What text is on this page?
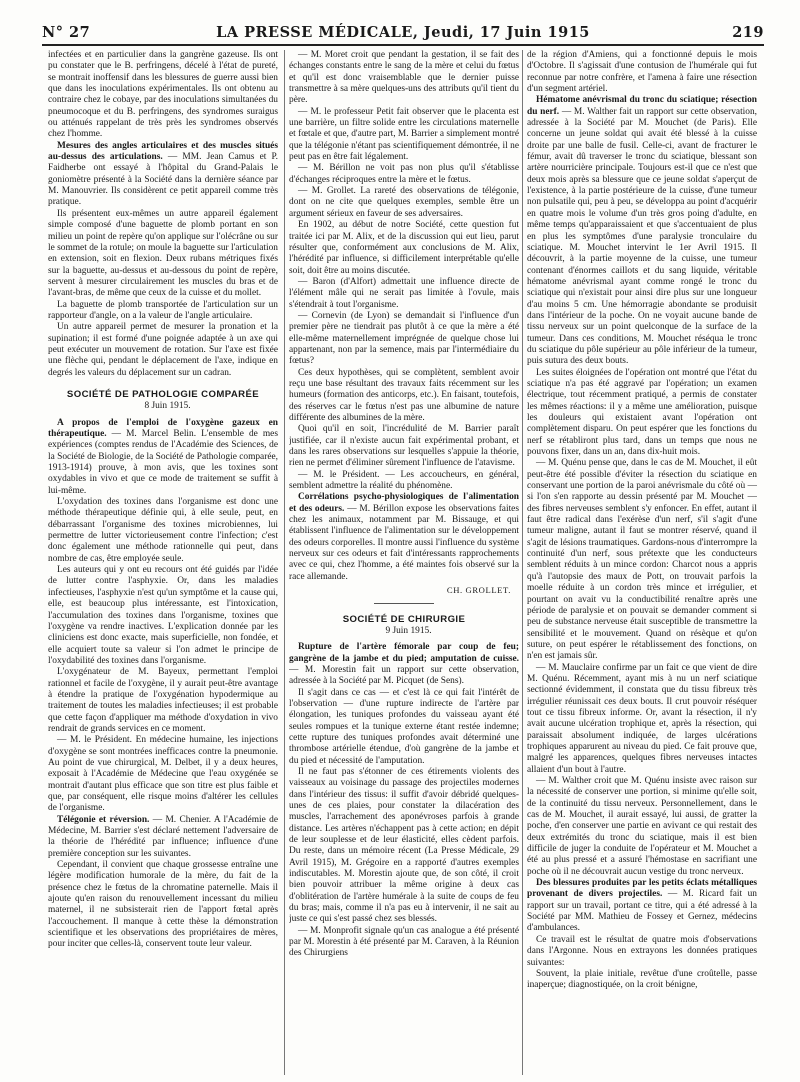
N° 27	LA PRESSE MÉDICALE, Jeudi, 17 Juin 1915	219

infectées et en particulier dans la gangrène gazeuse. Ils ont pu constater que le B. perfringens, décelé à l'état de pureté, se montrait inoffensif dans les blessures de guerre aussi bien que dans les inoculations expérimentales. Ils ont obtenu au contraire chez le cobaye, par des inoculations simultanées du pneumocoque et du B. perfringens, des syndromes suraigus ou atténués rappelant de très près les syndromes observés chez l'homme.

Mesures des angles articulaires et des muscles situés au-dessus des articulations. — MM. Jean Camus et P. Faidherbe ont essayé à l'hôpital du Grand-Palais le goniomètre présenté à la Société dans la dernière séance par M. Manouvrier. Ils considèrent ce petit appareil comme très pratique.

Ils présentent eux-mêmes un autre appareil également simple composé d'une baguette de plomb portant en son milieu un point de repère qu'on applique sur l'olécrâne ou sur le sommet de la rotule; on moule la baguette sur l'articulation en extension, soit en flexion. Deux rubans métriques fixés sur la baguette, au-dessus et au-dessous du point de repère, servent à mesurer circulairement les muscles du bras et de l'avant-bras, de même que ceux de la cuisse et du mollet.

La baguette de plomb transportée de l'articulation sur un rapporteur d'angle, on a la valeur de l'angle articulaire.

Un autre appareil permet de mesurer la pronation et la supination; il est formé d'une poignée adaptée à un axe qui peut exécuter un mouvement de rotation. Sur l'axe est fixée une flèche qui, pendant le déplacement de l'axe, indique en degrés les valeurs du déplacement sur un cadran.

SOCIÉTÉ DE PATHOLOGIE COMPARÉE

8 Juin 1915.

A propos de l'emploi de l'oxygène gazeux en thérapeutique. — M. Marcel Belin. L'ensemble de mes expériences (comptes rendus de l'Académie des Sciences, de la Société de Biologie, de la Société de Pathologie comparée, 1913-1914) prouve, à mon avis, que les toxines sont oxydables in vivo et que ce mode de traitement se suffit à lui-même.

L'oxydation des toxines dans l'organisme est donc une méthode thérapeutique définie qui, à elle seule, peut, en débarrassant l'organisme des toxines microbiennes, lui permettre de lutter victorieusement contre l'infection; c'est donc également une méthode rationnelle qui peut, dans nombre de cas, être employée seule.

Les auteurs qui y ont eu recours ont été guidés par l'idée de lutter contre l'asphyxie. Or, dans les maladies infectieuses, l'asphyxie n'est qu'un symptôme et la cause qui, elle, est beaucoup plus intéressante, est l'intoxication, l'accumulation des toxines dans l'organisme, toxines que l'oxygène va rendre inactives. L'explication donnée par les cliniciens est donc exacte, mais superficielle, non fondée, et elle acquiert toute sa valeur si l'on admet le principe de l'oxydabilité des toxines dans l'organisme.

L'oxygénateur de M. Bayeux, permettant l'emploi rationnel et facile de l'oxygène, il y aurait peut-être avantage à étendre la pratique de l'oxygénation hypodermique au traitement de toutes les maladies infectieuses; il est probable que cette façon d'appliquer ma méthode d'oxydation in vivo rendrait de grands services en ce moment.

— M. le Président. En médecine humaine, les injections d'oxygène se sont montrées inefficaces contre la pneumonie. Au point de vue chirurgical, M. Delbet, il y a deux heures, exposait à l'Académie de Médecine que l'eau oxygénée se montrait d'autant plus efficace que son titre est plus faible et que, par conséquent, elle risque moins d'altérer les cellules de l'organisme.

Télégonie et réversion. — M. Chenier. A l'Académie de Médecine, M. Barrier s'est déclaré nettement l'adversaire de la théorie de l'hérédité par influence; influence d'une première conception sur les suivantes.

Cependant, il convient que chaque grossesse entraîne une légère modification humorale de la mère, du fait de la présence chez le fœtus de la chromatine paternelle. Mais il ajoute qu'en raison du renouvellement incessant du milieu maternel, il ne subsisterait rien de l'apport fœtal après l'accouchement. Il manque à cette thèse la démonstration scientifique et les observations des propriétaires de mères, pour inciter que celles-là, conservent toute leur valeur.

— M. Moret croit que pendant la gestation, il se fait des échanges constants entre le sang de la mère et celui du fœtus et qu'il est donc vraisemblable que le dernier puisse transmettre à sa mère quelques-uns des attributs qu'il tient du père.

— M. le professeur Petit fait observer que le placenta est une barrière, un filtre solide entre les circulations maternelle et fœtale et que, d'autre part, M. Barrier a simplement montré que la télégonie n'étant pas scientifiquement démontrée, il ne peut pas en être fait légalement.

— M. Bérillon ne voit pas non plus qu'il s'établisse d'échanges réciproques entre la mère et le fœtus.

— M. Grollet. La rareté des observations de télégonie, dont on ne cite que quelques exemples, semble être un argument sérieux en faveur de ses adversaires.

En 1902, au début de notre Société, cette question fut traitée ici par M. Alix, et de la discussion qui eut lieu, parut résulter que, conformément aux conclusions de M. Alix, l'hérédité par influence, si difficilement interprétable qu'elle soit, doit être au moins discutée.

— Baron (d'Alfort) admettait une influence directe de l'élément mâle qui ne serait pas limitée à l'ovule, mais s'étendrait à tout l'organisme.

— Cornevin (de Lyon) se demandait si l'influence d'un premier père ne tiendrait pas plutôt à ce que la mère a été elle-même maternellement imprégnée de quelque chose lui appartenant, non par la semence, mais par l'intermédiaire du fœtus?

Ces deux hypothèses, qui se complètent, semblent avoir reçu une base résultant des travaux faits récemment sur les humeurs (formation des anticorps, etc.). En faisant, toutefois, des réserves car le fœtus n'est pas une albumine de nature différente des albumines de la mère.

Quoi qu'il en soit, l'incrédulité de M. Barrier paraît justifiée, car il n'existe aucun fait expérimental probant, et dans les rares observations sur lesquelles s'appuie la théorie, rien ne permet d'éliminer sûrement l'influence de l'atavisme.

— M. le Président. — Les accoucheurs, en général, semblent admettre la réalité du phénomène.

Corrélations psycho-physiologiques de l'alimentation et des odeurs. — M. Bérillon expose les observations faites chez les animaux, notamment par M. Bissauge, et qui établissent l'influence de l'alimentation sur le développement des odeurs corporelles. Il montre aussi l'influence du système nerveux sur ces odeurs et fait d'intéressants rapprochements avec ce qui, chez l'homme, a été maintes fois observé sur la race allemande.

CH. GROLLET.

SOCIÉTÉ DE CHIRURGIE

9 Juin 1915.

Rupture de l'artère fémorale par coup de feu; gangrène de la jambe et du pied; amputation de cuisse. — M. Morestin fait un rapport sur cette observation, adressée à la Société par M. Picquet (de Sens).

Il s'agit dans ce cas — et c'est là ce qui fait l'intérêt de l'observation — d'une rupture indirecte de l'artère par élongation, les tuniques profondes du vaisseau ayant été seules rompues et la tunique externe étant restée indemne; cette rupture des tuniques profondes avait déterminé une thrombose artérielle étendue, d'où gangrène de la jambe et du pied et nécessité de l'amputation.

Il ne faut pas s'étonner de ces étirements violents des vaisseaux au voisinage du passage des projectiles modernes dans l'intérieur des tissus: il suffit d'avoir débridé quelques-unes de ces plaies, pour constater la dilacération des muscles, l'arrachement des aponévroses parfois à grande distance. Les artères n'échappent pas à cette action; en dépit de leur souplesse et de leur élasticité, elles cèdent parfois. Du reste, dans un mémoire récent (La Presse Médicale, 29 Avril 1915), M. Grégoire en a rapporté d'autres exemples indiscutables. M. Morestin ajoute que, de son côté, il croit bien pouvoir attribuer la même origine à deux cas d'oblitération de l'artère humérale à la suite de coups de feu du bras; mais, comme il n'a pas eu à intervenir, il ne sait au juste ce qui s'est passé chez ses blessés.

— M. Monprofit signale qu'un cas analogue a été présenté par M. Morestin à été présenté par M. Caraven, à la Réunion des Chirurgiens

de la région d'Amiens, qui a fonctionné depuis le mois d'Octobre. Il s'agissait d'une contusion de l'humérale qui fut reconnue par notre confrère, et l'amena à faire une résection d'un segment artériel.

Hématome anévrismal du tronc du sciatique; résection du nerf. — M. Walther fait un rapport sur cette observation, adressée à la Société par M. Mouchet (de Paris). Elle concerne un jeune soldat qui avait été blessé à la cuisse droite par une balle de fusil. Celle-ci, avant de fracturer le fémur, avait dû traverser le tronc du sciatique, blessant son artère nourricière principale. Toujours est-il que ce n'est que deux mois après sa blessure que ce jeune soldat s'aperçut de l'existence, à la partie postérieure de la cuisse, d'une tumeur non pulsatile qui, peu à peu, se développa au point d'acquérir en quatre mois le volume d'un très gros poing d'adulte, en même temps qu'apparaissaient et que s'accentuaient de plus en plus les symptômes d'une paralysie tronculaire du sciatique. M. Mouchet intervint le 1er Avril 1915. Il découvrit, à la partie moyenne de la cuisse, une tumeur contenant d'énormes caillots et du sang liquide, véritable hématome anévrismal ayant comme rongé le tronc du sciatique qui n'existait pour ainsi dire plus sur une longueur d'au moins 5 cm. Une hémorragie abondante se produisit dans l'intérieur de la poche. On ne voyait aucune bande de tissu nerveux sur un point quelconque de la surface de la tumeur. Dans ces conditions, M. Mouchet réséqua le tronc du sciatique du pôle supérieur au pôle inférieur de la tumeur, puis sutura des deux bouts.

Les suites éloignées de l'opération ont montré que l'état du sciatique n'a pas été aggravé par l'opération; un examen électrique, tout récemment pratiqué, a permis de constater les mêmes réactions: il y a même une amélioration, puisque les douleurs qui existaient avant l'opération ont complètement disparu. On peut espérer que les fonctions du nerf se rétabliront plus tard, dans un temps que nous ne pouvons fixer, dans un an, dans dix-huit mois.

— M. Quénu pense que, dans le cas de M. Mouchet, il eût peut-être été possible d'éviter la résection du sciatique en conservant une portion de la paroi anévrismale du côté où — si l'on s'en rapporte au dessin présenté par M. Mouchet — des fibres nerveuses semblent s'y enfoncer. En effet, autant il faut être radical dans l'exérèse d'un nerf, s'il s'agit d'une tumeur maligne, autant il faut se montrer réservé, quand il s'agit de lésions traumatiques. Gardons-nous d'interrompre la continuité d'un nerf, sous prétexte que les conducteurs semblent réduits à un mince cordon: Charcot nous a appris qu'à l'autopsie des maux de Pott, on trouvait parfois la moelle réduite à un cordon très mince et irrégulier, et pourtant on avait vu la conductibilité renaître après une période de paralysie et on pouvait se demander comment si peu de substance nerveuse était susceptible de transmettre la sensibilité et le mouvement. Quand on résèque et qu'on suture, on peut espérer le rétablissement des fonctions, on n'en est jamais sûr.

— M. Mauclaire confirme par un fait ce que vient de dire M. Quénu. Récemment, ayant mis à nu un nerf sciatique sectionné évidemment, il constata que du tissu fibreux très irrégulier réunissait ces deux bouts. Il crut pouvoir réséquer tout ce tissu fibreux informe. Or, avant la résection, il n'y avait aucune ulcération trophique et, après la résection, qui paraissait absolument indiquée, de larges ulcérations trophiques apparurent au niveau du pied. Ce fait prouve que, malgré les apparences, quelques fibres nerveuses intactes allaient d'un bout à l'autre.

— M. Walther croit que M. Quénu insiste avec raison sur la nécessité de conserver une portion, si minime qu'elle soit, de la continuité du tissu nerveux. Personnellement, dans le cas de M. Mouchet, il aurait essayé, lui aussi, de gratter la poche, d'en conserver une partie en avivant ce qui restait des deux extrémités du tronc du sciatique, mais il est bien difficile de juger la conduite de l'opérateur et M. Mouchet a été au plus pressé et a assuré l'hémostase en sacrifiant une poche où il ne découvrait aucun vestige du tronc nerveux.

Des blessures produites par les petits éclats métalliques provenant de divers projectiles. — M. Ricard fait un rapport sur un travail, portant ce titre, qui a été adressé à la Société par MM. Mathieu de Fossey et Gernez, médecins d'ambulances.

Ce travail est le résultat de quatre mois d'observations dans l'Argonne. Nous en extrayons les données pratiques suivantes:

Souvent, la plaie initiale, revêtue d'une croûtelle, passe inaperçue; diagnostiquée, on la croit bénigne,
